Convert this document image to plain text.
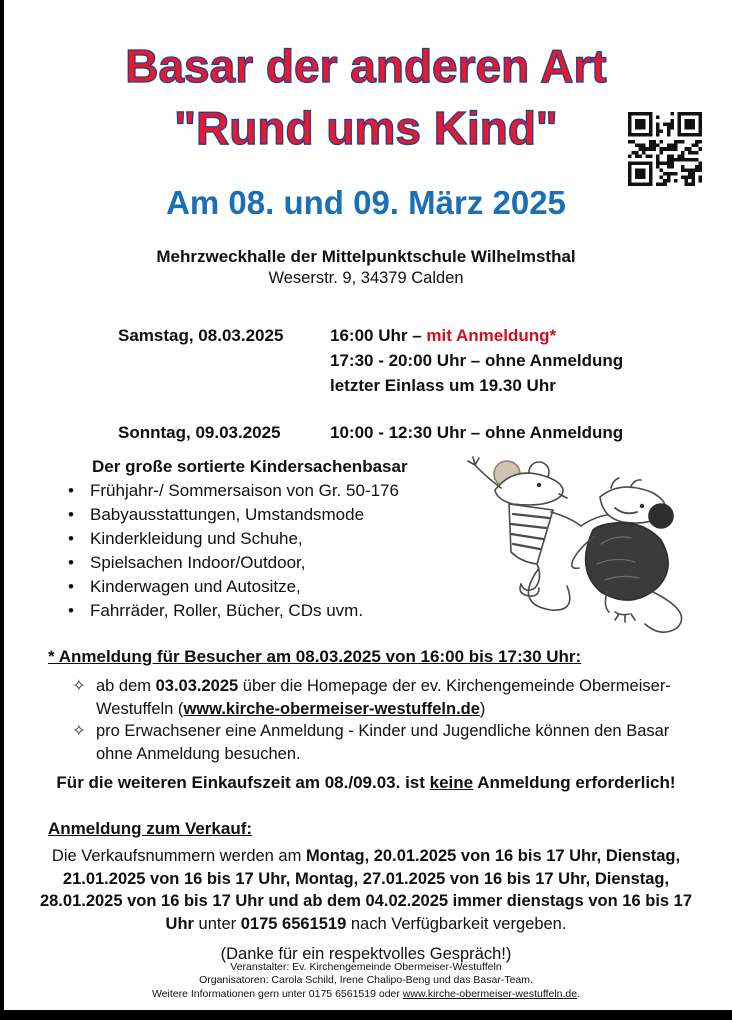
Basar der anderen Art
"Rund ums Kind"
Am 08. und 09. März 2025
Mehrzweckhalle der Mittelpunktschule Wilhelmsthal
Weserstr. 9, 34379 Calden
Samstag, 08.03.2025	16:00 Uhr – mit Anmeldung*
17:30 - 20:00 Uhr – ohne Anmeldung
letzter Einlass um 19.30 Uhr
Sonntag, 09.03.2025	10:00 - 12:30 Uhr – ohne Anmeldung
Der große sortierte Kindersachenbasar
• Frühjahr-/ Sommersaison von Gr. 50-176
• Babyausstattungen, Umstandsmode
• Kinderkleidung und Schuhe,
• Spielsachen Indoor/Outdoor,
• Kinderwagen und Autositze,
• Fahrräder, Roller, Bücher, CDs uvm.
* Anmeldung für Besucher am 08.03.2025 von 16:00 bis 17:30 Uhr:
✧ ab dem 03.03.2025 über die Homepage der ev. Kirchengemeinde Obermeiser-Westuffeln (www.kirche-obermeiser-westuffeln.de)
✧ pro Erwachsener eine Anmeldung - Kinder und Jugendliche können den Basar ohne Anmeldung besuchen.
Für die weiteren Einkaufszeit am 08./09.03. ist keine Anmeldung erforderlich!
Anmeldung zum Verkauf:
Die Verkaufsnummern werden am Montag, 20.01.2025 von 16 bis 17 Uhr, Dienstag, 21.01.2025 von 16 bis 17 Uhr, Montag, 27.01.2025 von 16 bis 17 Uhr, Dienstag, 28.01.2025 von 16 bis 17 Uhr und ab dem 04.02.2025 immer dienstags von 16 bis 17 Uhr unter 0175 6561519 nach Verfügbarkeit vergeben.
(Danke für ein respektvolles Gespräch!)
Veranstalter: Ev. Kirchengemeinde Obermeiser-Westuffeln
Organisatoren: Carola Schild, Irene Chalipo-Beng und das Basar-Team.
Weitere Informationen gern unter 0175 6561519 oder www.kirche-obermeiser-westuffeln.de.
